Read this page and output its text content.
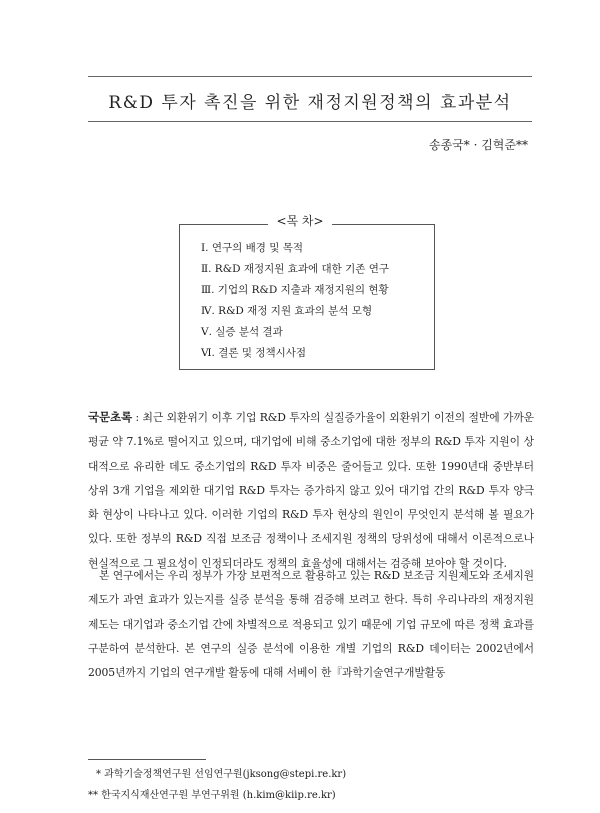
R&D 투자 촉진을 위한 재정지원정책의 효과분석
송종국* · 김혁준**
<목 차>
Ⅰ. 연구의 배경 및 목적
Ⅱ. R&D 재정지원 효과에 대한 기존 연구
Ⅲ. 기업의 R&D 지출과 재정지원의 현황
Ⅳ. R&D 재정 지원 효과의 분석 모형
Ⅴ. 실증 분석 결과
Ⅵ. 결론 및 정책시사점
국문초록 : 최근 외환위기 이후 기업 R&D 투자의 실질증가율이 외환위기 이전의 절반에 가까운 평균 약 7.1%로 떨어지고 있으며, 대기업에 비해 중소기업에 대한 정부의 R&D 투자 지원이 상대적으로 유리한 데도 중소기업의 R&D 투자 비중은 줄어들고 있다. 또한 1990년대 중반부터 상위 3개 기업을 제외한 대기업 R&D 투자는 증가하지 않고 있어 대기업 간의 R&D 투자 양극화 현상이 나타나고 있다. 이러한 기업의 R&D 투자 현상의 원인이 무엇인지 분석해 볼 필요가 있다. 또한 정부의 R&D 직접 보조금 정책이나 조세지원 정책의 당위성에 대해서 이론적으로나 현실적으로 그 필요성이 인정되더라도 정책의 효율성에 대해서는 검증해 보아야 할 것이다.
본 연구에서는 우리 정부가 가장 보편적으로 활용하고 있는 R&D 보조금 지원제도와 조세지원제도가 과연 효과가 있는지를 실증 분석을 통해 검증해 보려고 한다. 특히 우리나라의 재정지원제도는 대기업과 중소기업 간에 차별적으로 적용되고 있기 때문에 기업 규모에 따른 정책 효과를 구분하여 분석한다. 본 연구의 실증 분석에 이용한 개별 기업의 R&D 데이터는 2002년에서 2005년까지 기업의 연구개발 활동에 대해 서베이 한『과학기술연구개발활동
* 과학기술정책연구원 선임연구원(jksong@stepi.re.kr)
** 한국지식재산연구원 부연구위원 (h.kim@kiip.re.kr)
